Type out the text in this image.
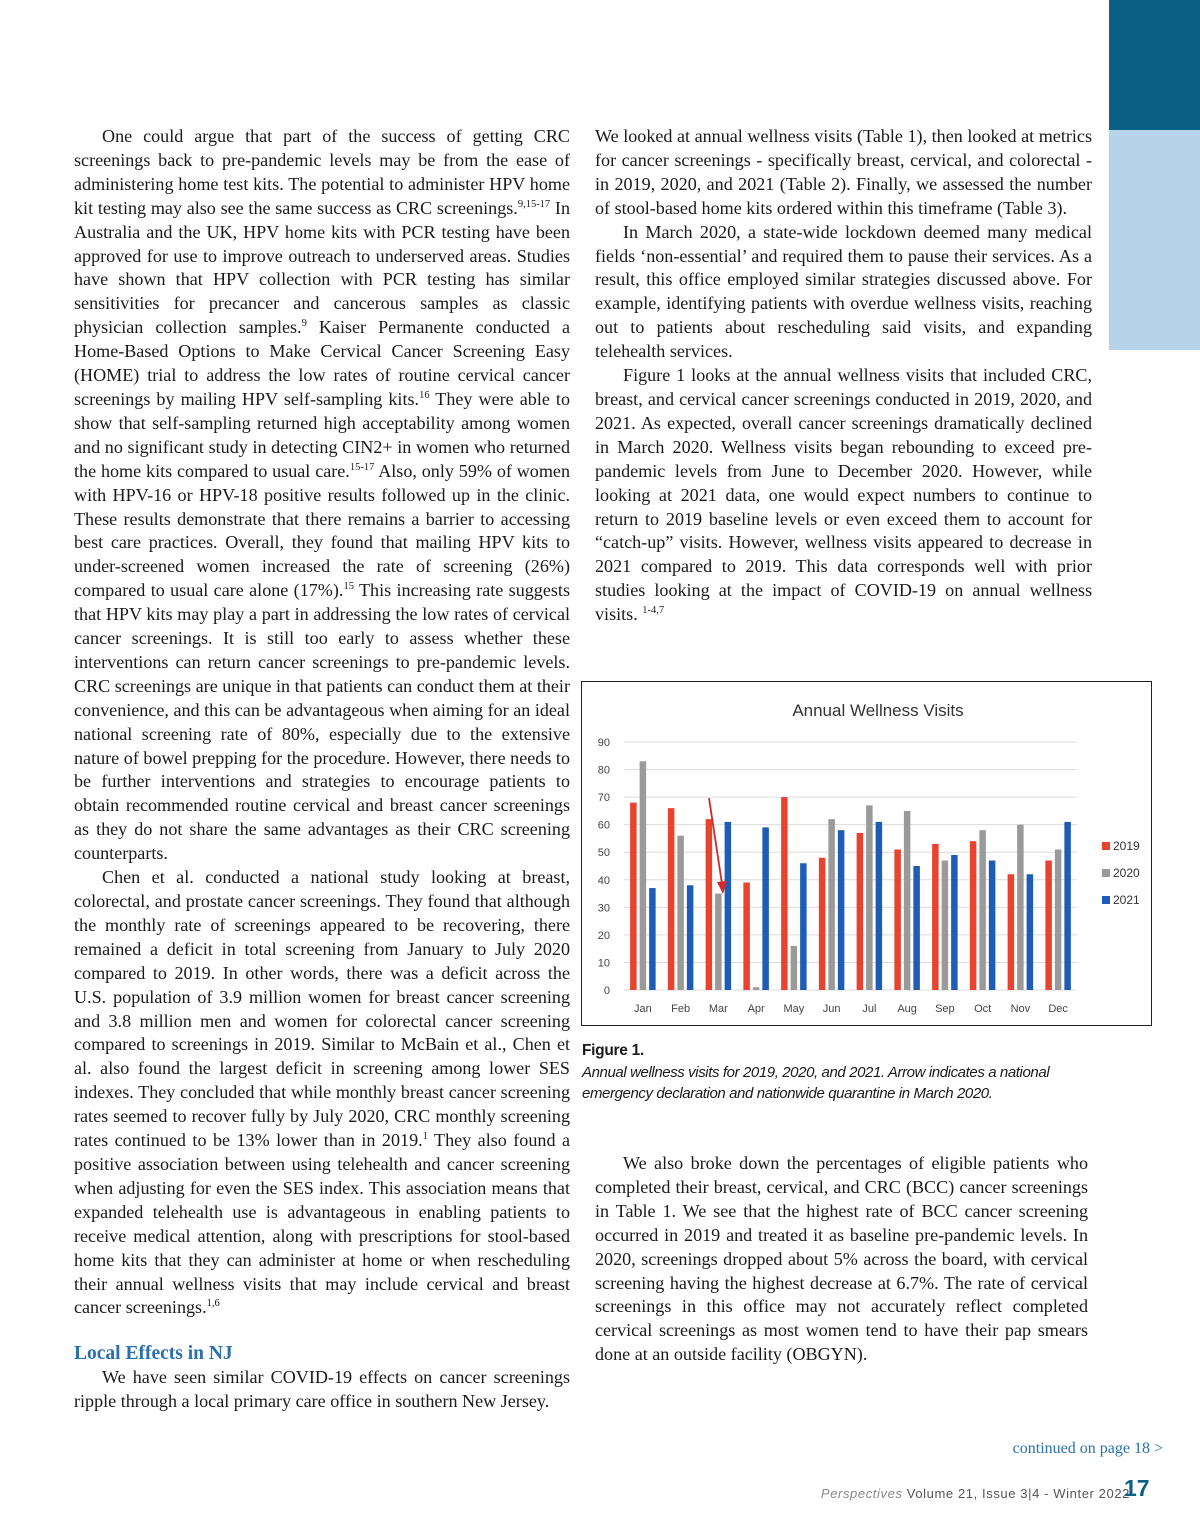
One could argue that part of the success of getting CRC screenings back to pre-pandemic levels may be from the ease of administering home test kits. The potential to administer HPV home kit testing may also see the same success as CRC screenings.$^{9,15-17}$ In Australia and the UK, HPV home kits with PCR testing have been approved for use to improve outreach to underserved areas. Studies have shown that HPV collection with PCR testing has similar sensitivities for precancer and cancerous samples as classic physician collection samples.$^9$ Kaiser Permanente conducted a Home-Based Options to Make Cervical Cancer Screening Easy (HOME) trial to address the low rates of routine cervical cancer screenings by mailing HPV self-sampling kits.$^{16}$ They were able to show that self-sampling returned high acceptability among women and no significant study in detecting CIN2+ in women who returned the home kits compared to usual care.$^{15-17}$ Also, only 59% of women with HPV-16 or HPV-18 positive results followed up in the clinic. These results demonstrate that there remains a barrier to accessing best care practices. Overall, they found that mailing HPV kits to under-screened women increased the rate of screening (26%) compared to usual care alone (17%).$^{15}$ This increasing rate suggests that HPV kits may play a part in addressing the low rates of cervical cancer screenings. It is still too early to assess whether these interventions can return cancer screenings to pre-pandemic levels. CRC screenings are unique in that patients can conduct them at their convenience, and this can be advantageous when aiming for an ideal national screening rate of 80%, especially due to the extensive nature of bowel prepping for the procedure. However, there needs to be further interventions and strategies to encourage patients to obtain recommended routine cervical and breast cancer screenings as they do not share the same advantages as their CRC screening counterparts.

Chen et al. conducted a national study looking at breast, colorectal, and prostate cancer screenings. They found that although the monthly rate of screenings appeared to be recovering, there remained a deficit in total screening from January to July 2020 compared to 2019. In other words, there was a deficit across the U.S. population of 3.9 million women for breast cancer screening and 3.8 million men and women for colorectal cancer screening compared to screenings in 2019. Similar to McBain et al., Chen et al. also found the largest deficit in screening among lower SES indexes. They concluded that while monthly breast cancer screening rates seemed to recover fully by July 2020, CRC monthly screening rates continued to be 13% lower than in 2019.$^1$ They also found a positive association between using telehealth and cancer screening when adjusting for even the SES index. This association means that expanded telehealth use is advantageous in enabling patients to receive medical attention, along with prescriptions for stool-based home kits that they can administer at home or when rescheduling their annual wellness visits that may include cervical and breast cancer screenings.$^{1,6}$

Local Effects in NJ

We have seen similar COVID-19 effects on cancer screenings ripple through a local primary care office in southern New Jersey.

We looked at annual wellness visits (Table 1), then looked at metrics for cancer screenings - specifically breast, cervical, and colorectal - in 2019, 2020, and 2021 (Table 2). Finally, we assessed the number of stool-based home kits ordered within this timeframe (Table 3).

In March 2020, a state-wide lockdown deemed many medical fields ‘non-essential’ and required them to pause their services. As a result, this office employed similar strategies discussed above. For example, identifying patients with overdue wellness visits, reaching out to patients about rescheduling said visits, and expanding telehealth services.

Figure 1 looks at the annual wellness visits that included CRC, breast, and cervical cancer screenings conducted in 2019, 2020, and 2021. As expected, overall cancer screenings dramatically declined in March 2020. Wellness visits began rebounding to exceed pre-pandemic levels from June to December 2020. However, while looking at 2021 data, one would expect numbers to continue to return to 2019 baseline levels or even exceed them to account for “catch-up” visits. However, wellness visits appeared to decrease in 2021 compared to 2019. This data corresponds well with prior studies looking at the impact of COVID-19 on annual wellness visits. $^{1-4,7}$

Annual Wellness Visits
0
10
20
30
40
50
60
70
80
90
Jan Feb Mar Apr May Jun Jul Aug Sep Oct Nov Dec
2019
2020
2021
Figure 1.
Annual wellness visits for 2019, 2020, and 2021. Arrow indicates a national emergency declaration and nationwide quarantine in March 2020.

We also broke down the percentages of eligible patients who completed their breast, cervical, and CRC (BCC) cancer screenings in Table 1. We see that the highest rate of BCC cancer screening occurred in 2019 and treated it as baseline pre-pandemic levels. In 2020, screenings dropped about 5% across the board, with cervical screening having the highest decrease at 6.7%. The rate of cervical screenings in this office may not accurately reflect completed cervical screenings as most women tend to have their pap smears done at an outside facility (OBGYN).

continued on page 18 >
Perspectives Volume 21, Issue 3|4 - Winter 2022
17
